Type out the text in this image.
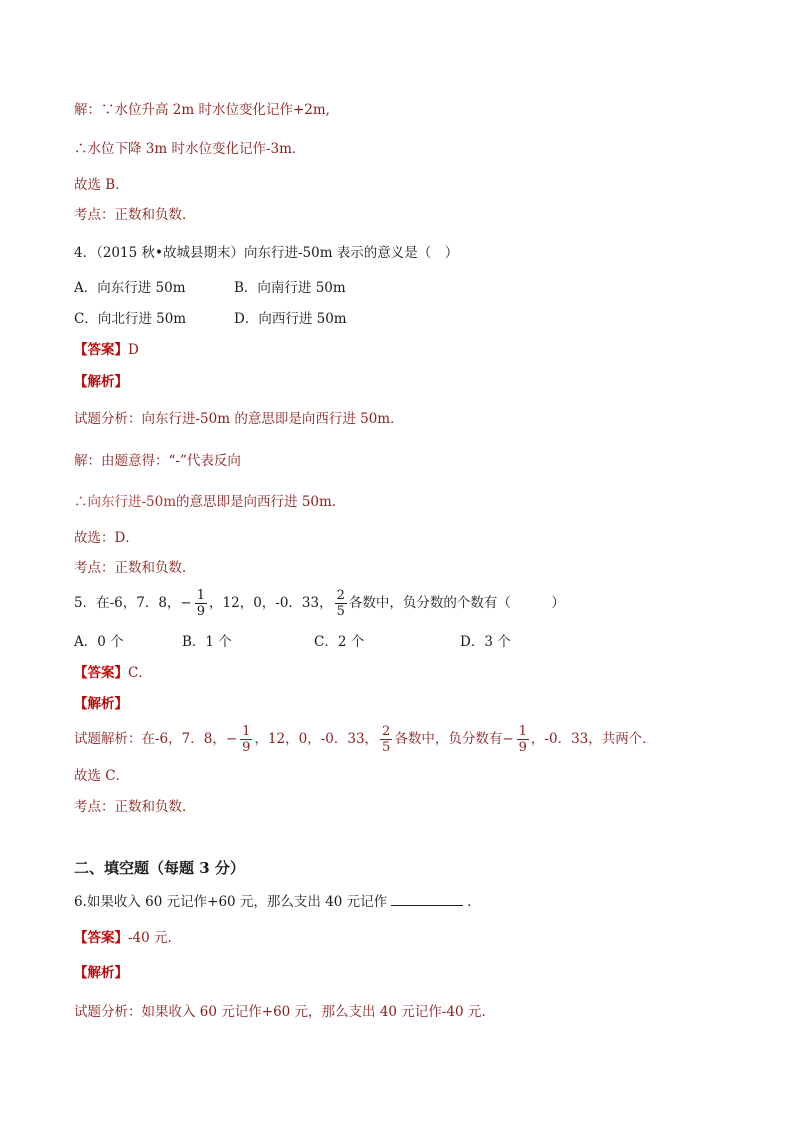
解：∵水位升高 2m 时水位变化记作+2m,
∴水位下降 3m 时水位变化记作-3m．
故选 B．
考点：正数和负数．
4．（2015 秋•故城县期末）向东行进-50m 表示的意义是（　）
A．向东行进 50m	B．向南行进 50m
C．向北行进 50m	D．向西行进 50m
【答案】D
【解析】
试题分析：向东行进-50m 的意思即是向西行进 50m．
解：由题意得：“-”代表反向
∴向东行进-50m的意思即是向西行进 50m．
故选：D．
考点：正数和负数．
5．在-6，7．8， − $\frac{1}{9}$ ，12，0，-0．33， $\frac{2}{5}$ 各数中，负分数的个数有（　　　）
A．0 个	B．1 个	C．2 个	D．3 个
【答案】C．
【解析】
试题解析：在-6，7．8， − $\frac{1}{9}$ ，12，0，-0．33， $\frac{2}{5}$ 各数中，负分数有 − $\frac{1}{9}$ ，-0．33，共两个．
故选 C．
考点：正数和负数．
二、填空题（每题 3 分）
6.如果收入 60 元记作+60 元，那么支出 40 元记作	．
【答案】-40 元.
【解析】
试题分析：如果收入 60 元记作+60 元，那么支出 40 元记作-40 元.
